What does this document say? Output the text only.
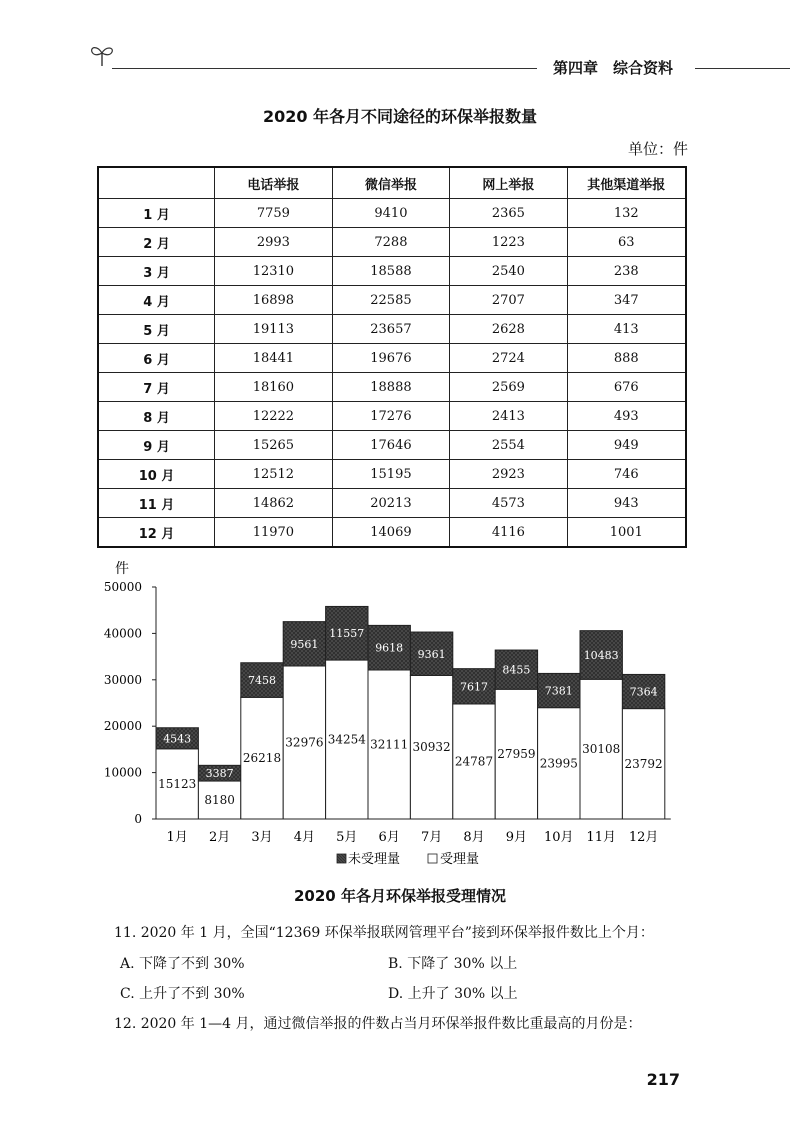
第四章　综合资料
2020 年各月不同途径的环保举报数量
单位：件
	电话举报	微信举报	网上举报	其他渠道举报
1 月	7759	9410	2365	132
2 月	2993	7288	1223	63
3 月	12310	18588	2540	238
4 月	16898	22585	2707	347
5 月	19113	23657	2628	413
6 月	18441	19676	2724	888
7 月	18160	18888	2569	676
8 月	12222	17276	2413	493
9 月	15265	17646	2554	949
10 月	12512	15195	2923	746
11 月	14862	20213	4573	943
12 月	11970	14069	4116	1001
件
0
10000
20000
30000
40000
50000
15123
4543
1月
8180
3387
2月
26218
7458
3月
32976
9561
4月
34254
11557
5月
32111
9618
6月
30932
9361
7月
24787
7617
8月
27959
8455
9月
23995
7381
10月
30108
10483
11月
23792
7364
12月
未受理量	受理量
2020 年各月环保举报受理情况
11. 2020 年 1 月，全国“12369 环保举报联网管理平台”接到环保举报件数比上个月：
A. 下降了不到 30%	B. 下降了 30% 以上
C. 上升了不到 30%	D. 上升了 30% 以上
12. 2020 年 1—4 月，通过微信举报的件数占当月环保举报件数比重最高的月份是：
217
